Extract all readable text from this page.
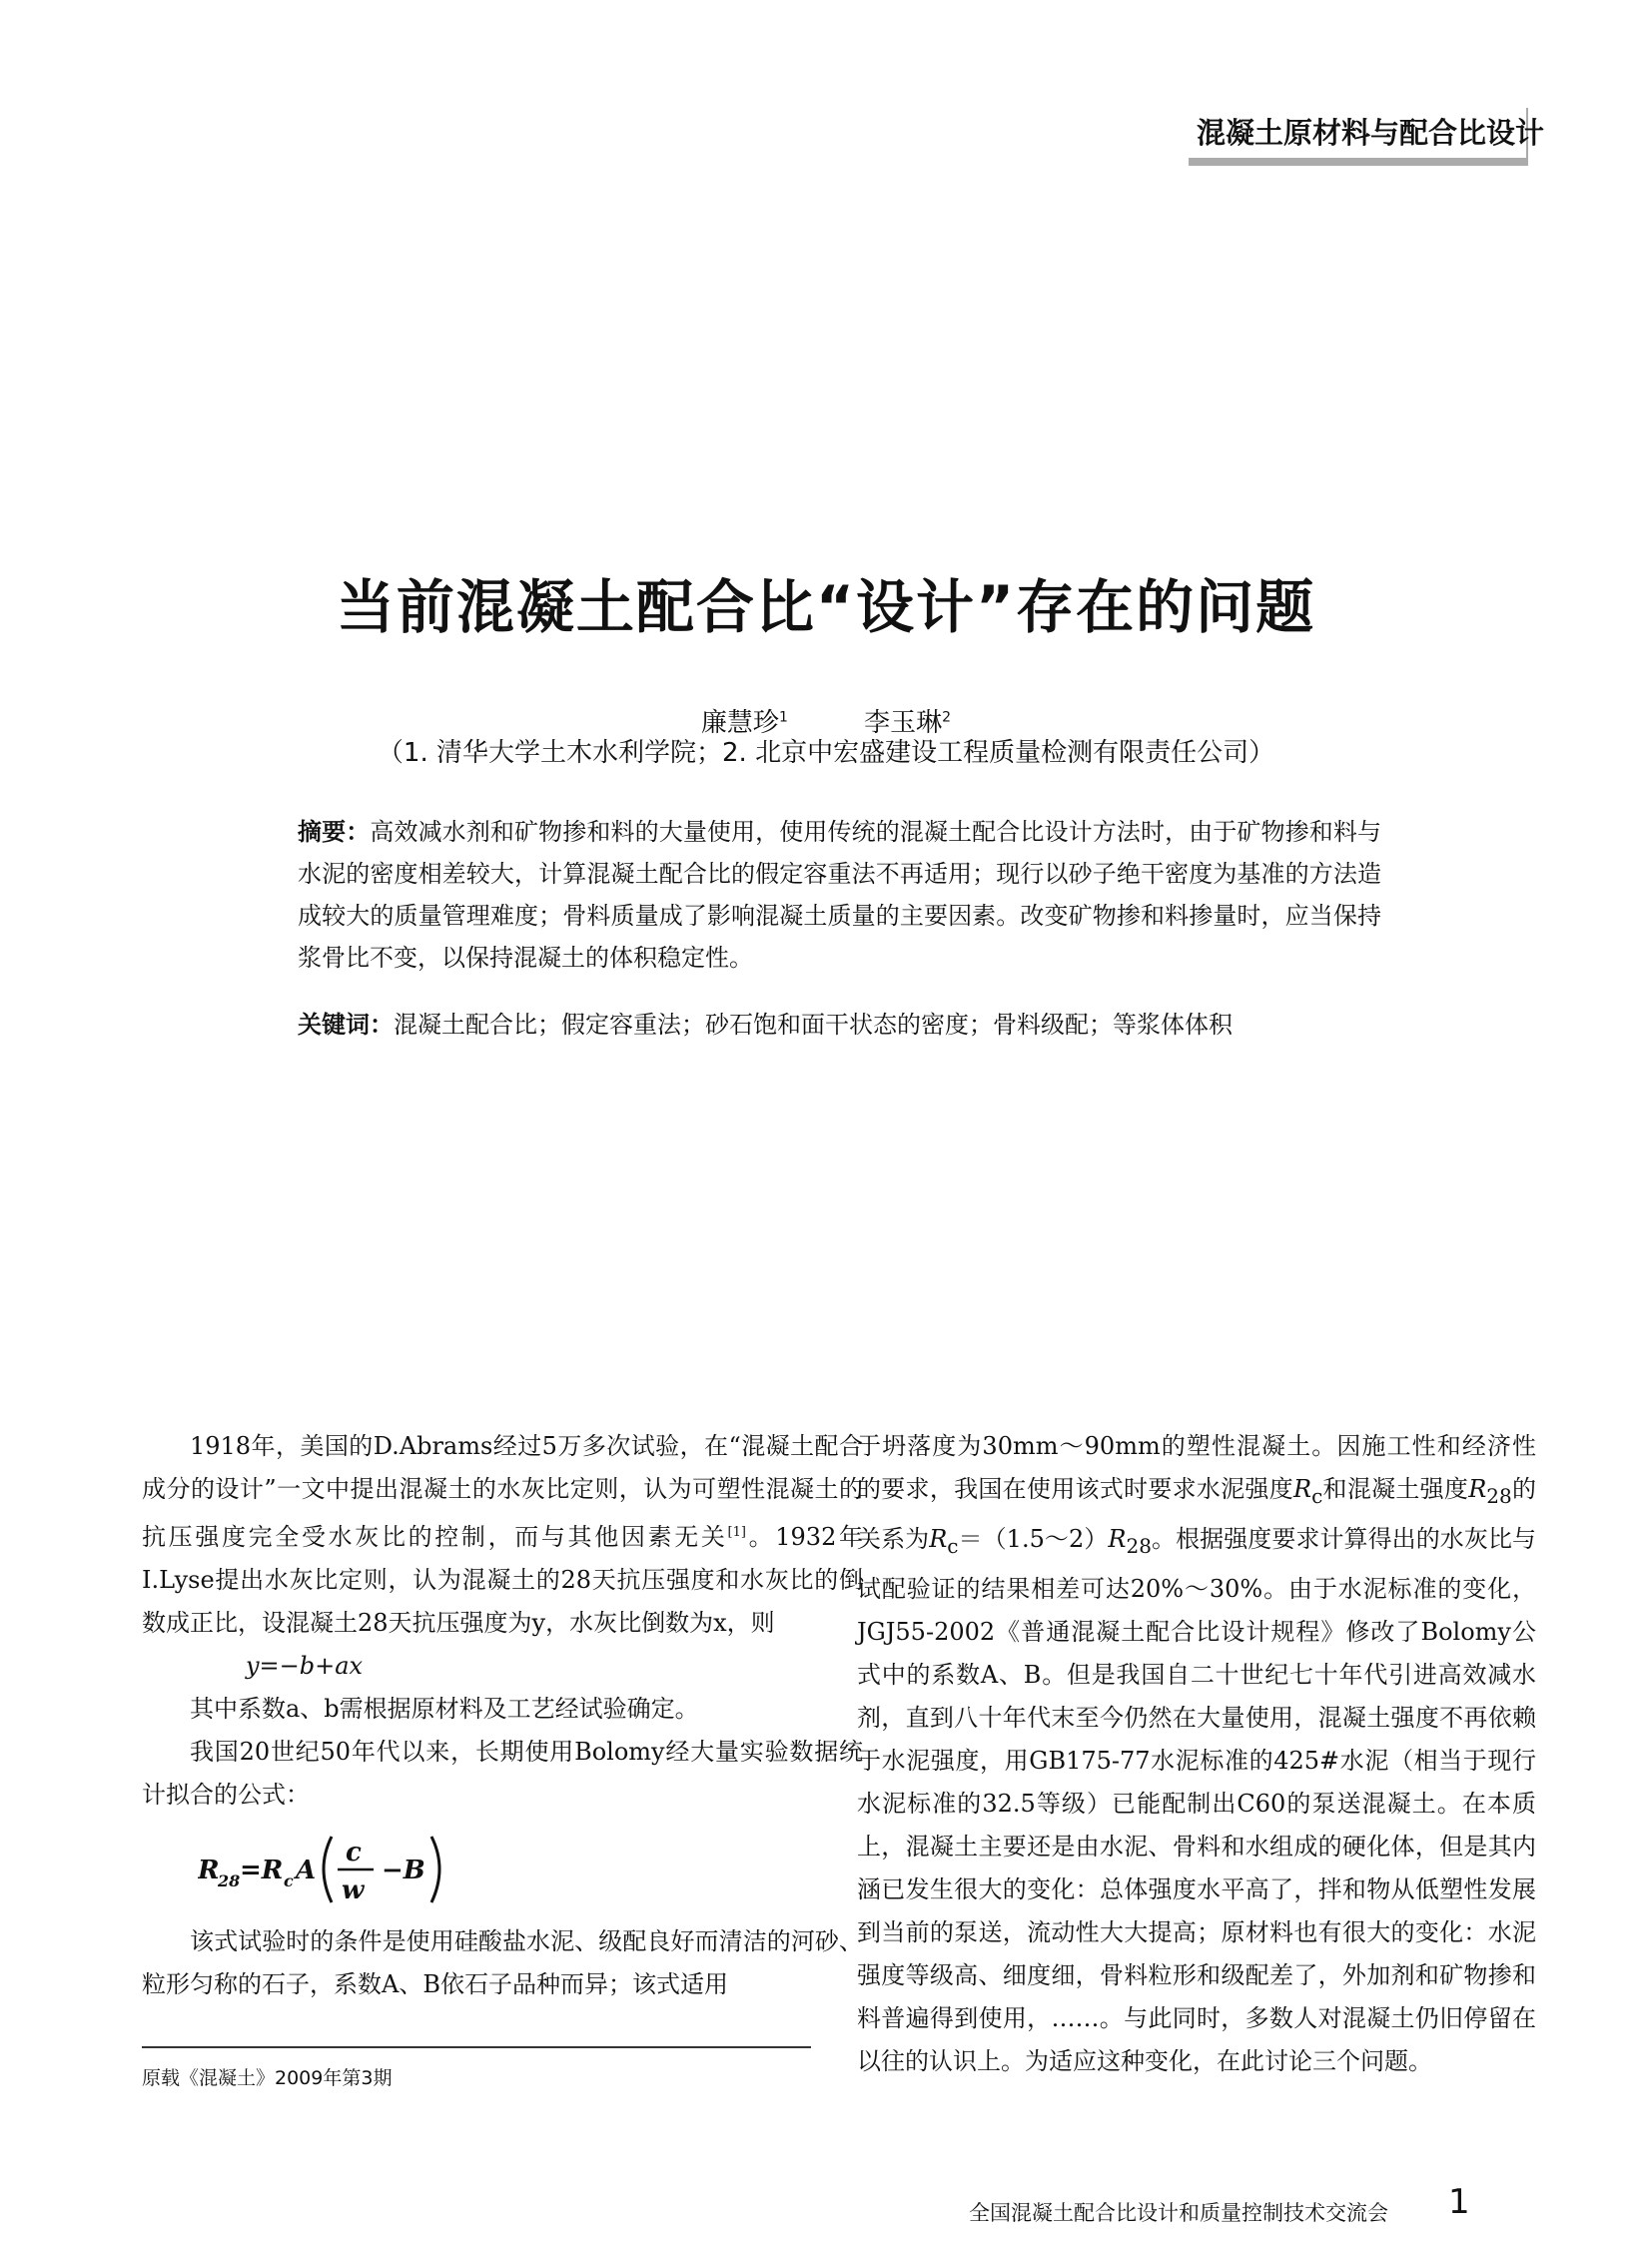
混凝土原材料与配合比设计
当前混凝土配合比“设计”存在的问题
廉慧珍$^1$	李玉琳$^2$
（1. 清华大学土木水利学院；2. 北京中宏盛建设工程质量检测有限责任公司）
摘要：高效减水剂和矿物掺和料的大量使用，使用传统的混凝土配合比设计方法时，由于矿物掺和料与水泥的密度相差较大，计算混凝土配合比的假定容重法不再适用；现行以砂子绝干密度为基准的方法造成较大的质量管理难度；骨料质量成了影响混凝土质量的主要因素。改变矿物掺和料掺量时，应当保持浆骨比不变，以保持混凝土的体积稳定性。
关键词：混凝土配合比；假定容重法；砂石饱和面干状态的密度；骨料级配；等浆体体积

1918年，美国的D.Abrams经过5万多次试验，在“混凝土配合成分的设计”一文中提出混凝土的水灰比定则，认为可塑性混凝土的抗压强度完全受水灰比的控制，而与其他因素无关[1]。1932年I.Lyse提出水灰比定则，认为混凝土的28天抗压强度和水灰比的倒数成正比，设混凝土28天抗压强度为y，水灰比倒数为x，则

y=−b+ax

其中系数a、b需根据原材料及工艺经试验确定。

我国20世纪50年代以来，长期使用Bolomy经大量实验数据统计拟合的公式：

R
28 =R c A
c
w
−B

该式试验时的条件是使用硅酸盐水泥、级配良好而清洁的河砂、粒形匀称的石子，系数A、B依石子品种而异；该式适用

于坍落度为30mm～90mm的塑性混凝土。因施工性和经济性的要求，我国在使用该式时要求水泥强度$R_c$和混凝土强度$R_{28}$的关系为$R_c=(1.5\sim 2)R_{28}$。根据强度要求计算得出的水灰比与试配验证的结果相差可达20%～30%。由于水泥标准的变化，JGJ55-2002《普通混凝土配合比设计规程》修改了Bolomy公式中的系数A、B。但是我国自二十世纪七十年代引进高效减水剂，直到八十年代末至今仍然在大量使用，混凝土强度不再依赖于水泥强度，用GB175-77水泥标准的425#水泥（相当于现行水泥标准的32.5等级）已能配制出C60的泵送混凝土。在本质上，混凝土主要还是由水泥、骨料和水组成的硬化体，但是其内涵已发生很大的变化：总体强度水平高了，拌和物从低塑性发展到当前的泵送，流动性大大提高；原材料也有很大的变化：水泥强度等级高、细度细，骨料粒形和级配差了，外加剂和矿物掺和料普遍得到使用，……。与此同时，多数人对混凝土仍旧停留在以往的认识上。为适应这种变化，在此讨论三个问题。

原载《混凝土》2009年第3期
全国混凝土配合比设计和质量控制技术交流会 1
